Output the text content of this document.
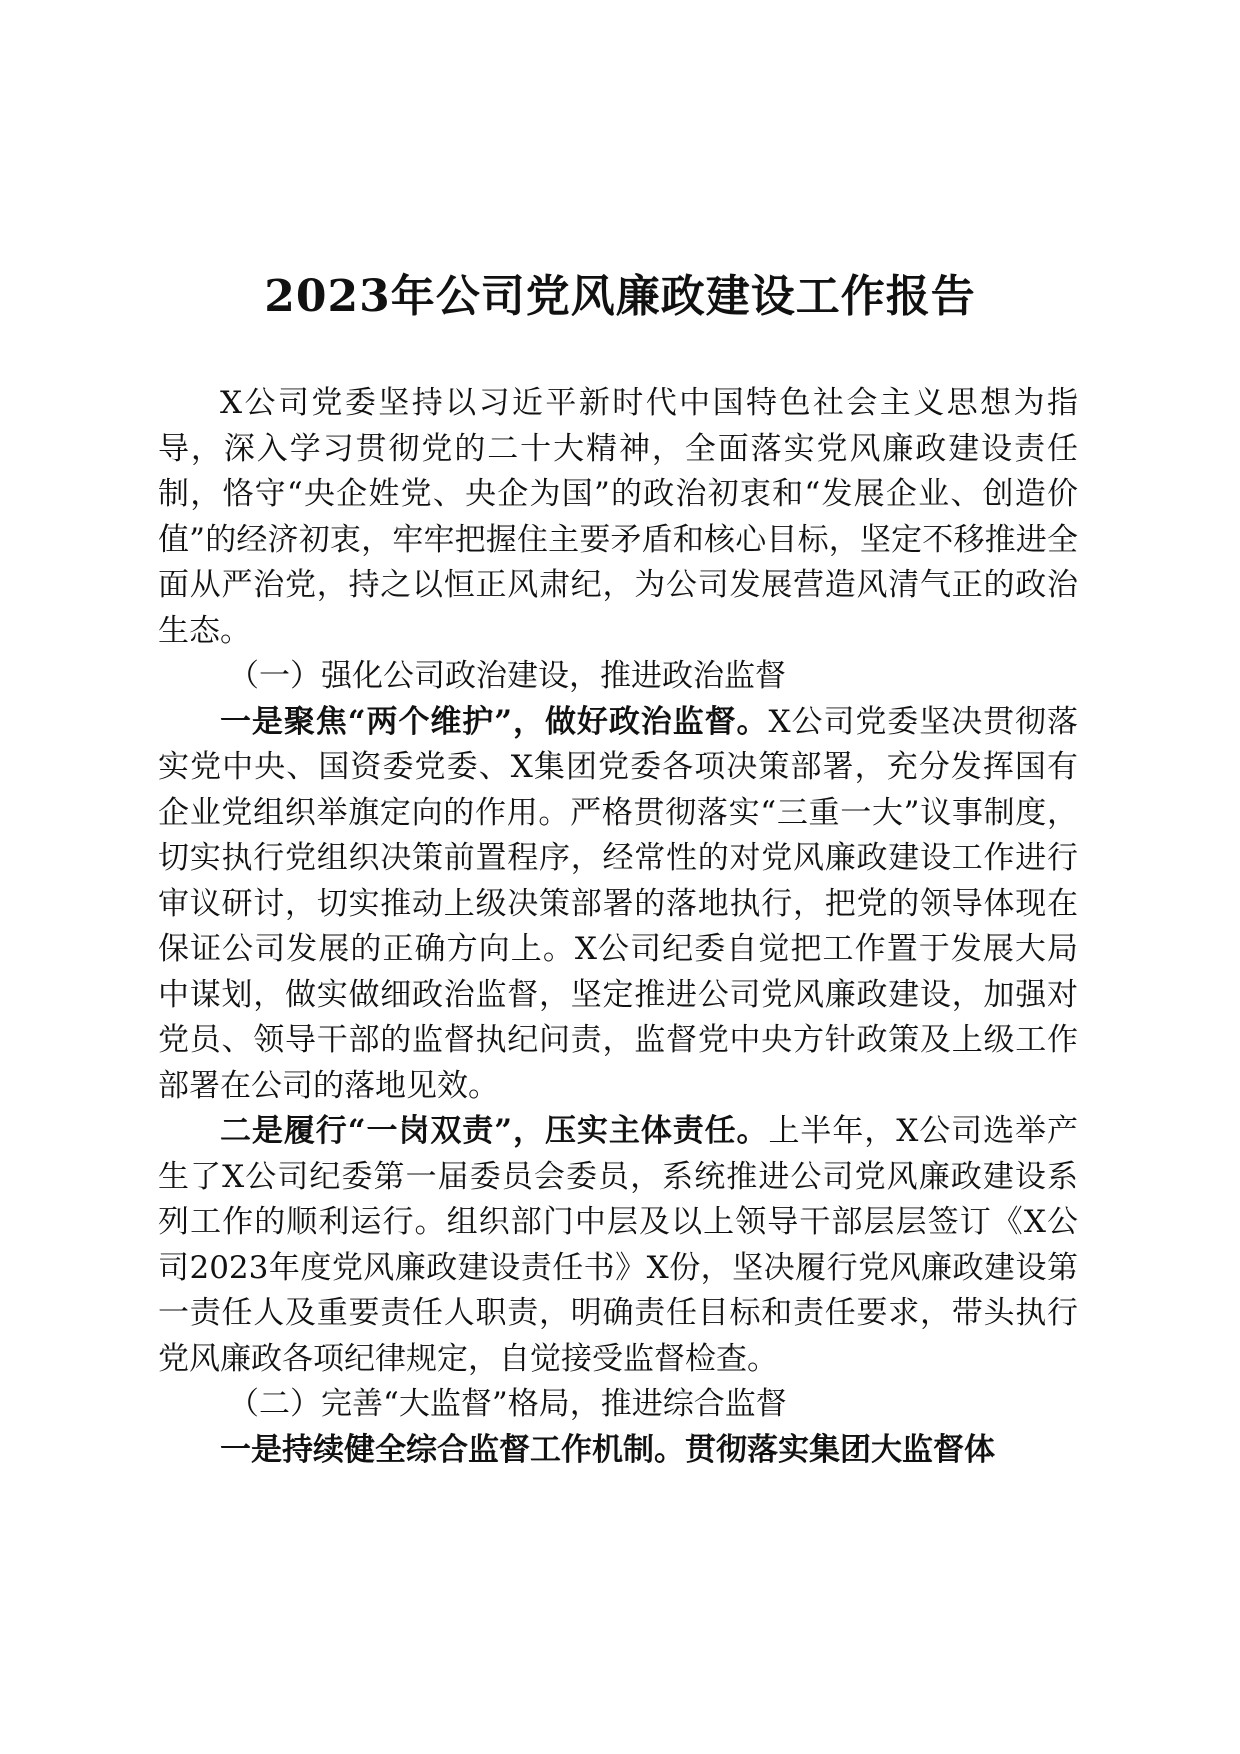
2023年公司党风廉政建设工作报告

X公司党委坚持以习近平新时代中国特色社会主义思想为指导，深入学习贯彻党的二十大精神，全面落实党风廉政建设责任制，恪守“央企姓党、央企为国”的政治初衷和“发展企业、创造价值”的经济初衷，牢牢把握住主要矛盾和核心目标，坚定不移推进全面从严治党，持之以恒正风肃纪，为公司发展营造风清气正的政治生态。

（一）强化公司政治建设，推进政治监督

一是聚焦“两个维护”，做好政治监督。X公司党委坚决贯彻落实党中央、国资委党委、X集团党委各项决策部署，充分发挥国有企业党组织举旗定向的作用。严格贯彻落实“三重一大”议事制度，切实执行党组织决策前置程序，经常性的对党风廉政建设工作进行审议研讨，切实推动上级决策部署的落地执行，把党的领导体现在保证公司发展的正确方向上。X公司纪委自觉把工作置于发展大局中谋划，做实做细政治监督，坚定推进公司党风廉政建设，加强对党员、领导干部的监督执纪问责，监督党中央方针政策及上级工作部署在公司的落地见效。

二是履行“一岗双责”，压实主体责任。上半年，X公司选举产生了X公司纪委第一届委员会委员，系统推进公司党风廉政建设系列工作的顺利运行。组织部门中层及以上领导干部层层签订《X公司2023年度党风廉政建设责任书》X份，坚决履行党风廉政建设第一责任人及重要责任人职责，明确责任目标和责任要求，带头执行党风廉政各项纪律规定，自觉接受监督检查。

（二）完善“大监督”格局，推进综合监督

一是持续健全综合监督工作机制。贯彻落实集团大监督体
